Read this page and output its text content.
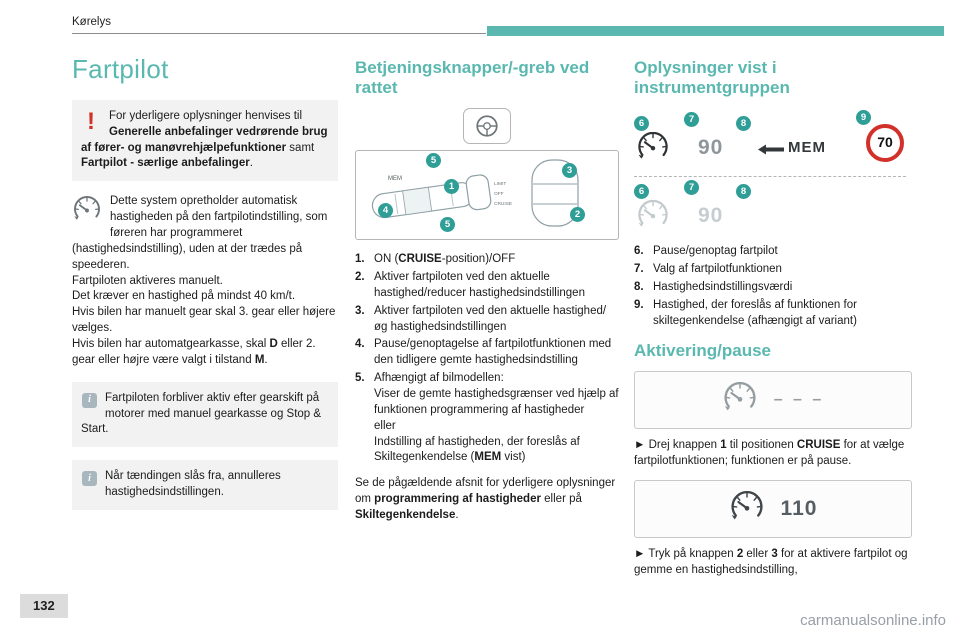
Kørelys
Fartpilot
!	For yderligere oplysninger henvises til Generelle anbefalinger vedrørende brug af fører- og manøvrehjælpefunktioner samt Fartpilot - særlige anbefalinger.
Dette system opretholder automatisk hastigheden på den fartpilotindstilling, som føreren har programmeret (hastighedsindstilling), uden at der trædes på speederen.
Fartpiloten aktiveres manuelt.
Det kræver en hastighed på mindst 40 km/t.
Hvis bilen har manuelt gear skal 3. gear eller højere vælges.
Hvis bilen har automatgearkasse, skal D eller 2. gear eller højre være valgt i tilstand M.
i	Fartpiloten forbliver aktiv efter gearskift på motorer med manuel gearkasse og Stop & Start.
i	Når tændingen slås fra, annulleres hastighedsindstillingen.
Betjeningsknapper/-greb ved rattet
MEM
LIMIT
OFF
CRUISE
5
1
4
5
3
2
1. ON (CRUISE-position)/OFF
2. Aktiver fartpiloten ved den aktuelle hastighed/reducer hastighedsindstillingen
3. Aktiver fartpiloten ved den aktuelle hastighed/øg hastighedsindstillingen
4. Pause/genoptagelse af fartpilotfunktionen med den tidligere gemte hastighedsindstilling
5. Afhængigt af bilmodellen:
Viser de gemte hastighedsgrænser ved hjælp af funktionen programmering af hastigheder
eller
Indstilling af hastigheden, der foreslås af Skiltegenkendelse (MEM vist)

Se de pågældende afsnit for yderligere oplysninger om programmering af hastigheder eller på Skiltegenkendelse.

Oplysninger vist i instrumentgruppen
6	7
90
8
MEM
9
70
6	7
90
8
6. Pause/genoptag fartpilot
7. Valg af fartpilotfunktionen
8. Hastighedsindstillingsværdi
9. Hastighed, der foreslås af funktionen for skiltegenkendelse (afhængigt af variant)
Aktivering/pause
– – –

► Drej knappen 1 til positionen CRUISE for at vælge fartpilotfunktionen; funktionen er på pause.

110

► Tryk på knappen 2 eller 3 for at aktivere fartpilot og gemme en hastighedsindstilling,

132
carmanualsonline.info
